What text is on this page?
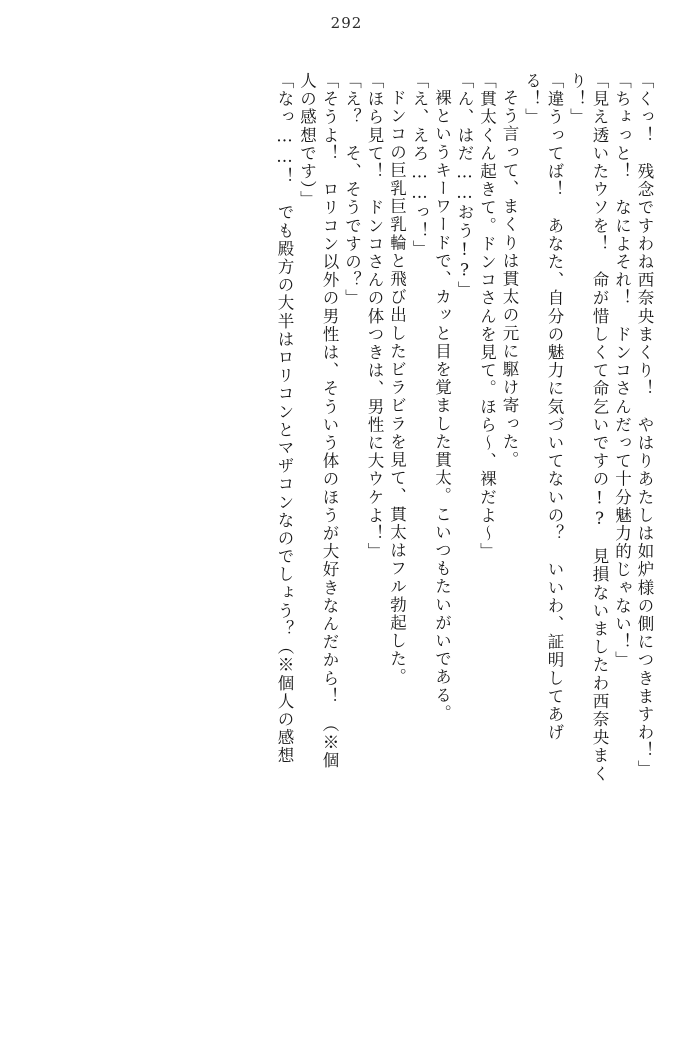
292
「くっ！　残念ですわね西奈央まくり！　やはりあたしは如炉様の側につきますわ！」
「ちょっと！　なによそれ！　ドンコさんだって十分魅力的じゃない！」
「見え透いたウソを！　命が惜しくて命乞いですの!?　見損ないましたわ西奈央まく
り！」
「違うってば！　あなた、自分の魅力に気づいてないの？　いいわ、証明してあげ
る！」
そう言って、まくりは貫太の元に駆け寄った。
「貫太くん起きて。ドンコさんを見て。ほら〜、裸だよ〜」
「ん、はだ……おう!?」
裸というキーワードで、カッと目を覚ました貫太。こいつもたいがいである。
「え、えろ……っ！」
ドンコの巨乳巨乳輪と飛び出したビラビラを見て、貫太はフル勃起した。
「ほら見て！　ドンコさんの体つきは、男性に大ウケよ！」
「え？　そ、そうですの？」
「そうよ！　ロリコン以外の男性は、そういう体のほうが大好きなんだから！　（※個
人の感想です）」
「なっ……！　でも殿方の大半はロリコンとマザコンなのでしょう？（※個人の感想
